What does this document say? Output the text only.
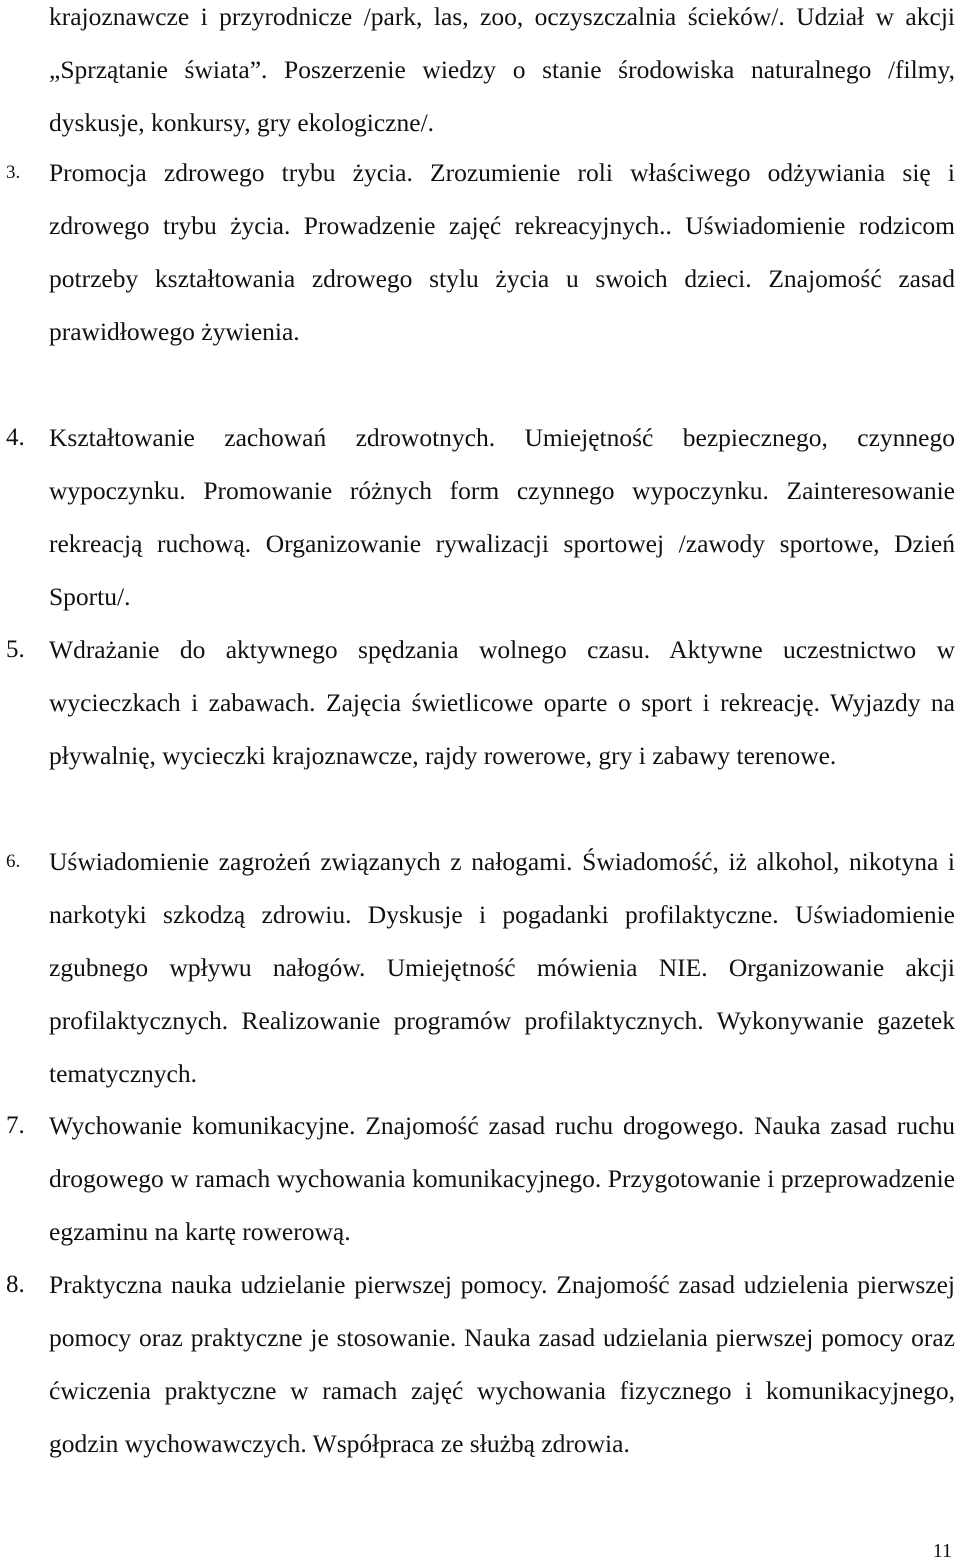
krajoznawcze i przyrodnicze /park, las, zoo, oczyszczalnia ścieków/. Udział w akcji „Sprzątanie świata”. Poszerzenie wiedzy o stanie środowiska naturalnego /filmy, dyskusje, konkursy, gry ekologiczne/.

3. Promocja zdrowego trybu życia. Zrozumienie roli właściwego odżywiania się i zdrowego trybu życia. Prowadzenie zajęć rekreacyjnych.. Uświadomienie rodzicom potrzeby kształtowania zdrowego stylu życia u swoich dzieci. Znajomość zasad prawidłowego żywienia.

4. Kształtowanie zachowań zdrowotnych. Umiejętność bezpiecznego, czynnego wypoczynku. Promowanie różnych form czynnego wypoczynku. Zainteresowanie rekreacją ruchową. Organizowanie rywalizacji sportowej /zawody sportowe, Dzień Sportu/.

5. Wdrażanie do aktywnego spędzania wolnego czasu. Aktywne uczestnictwo w wycieczkach i zabawach. Zajęcia świetlicowe oparte o sport i rekreację. Wyjazdy na pływalnię, wycieczki krajoznawcze, rajdy rowerowe, gry i zabawy terenowe.

6. Uświadomienie zagrożeń związanych z nałogami. Świadomość, iż alkohol, nikotyna i narkotyki szkodzą zdrowiu. Dyskusje i pogadanki profilaktyczne. Uświadomienie zgubnego wpływu nałogów. Umiejętność mówienia NIE. Organizowanie akcji profilaktycznych. Realizowanie programów profilaktycznych. Wykonywanie gazetek tematycznych.

7. Wychowanie komunikacyjne. Znajomość zasad ruchu drogowego. Nauka zasad ruchu drogowego w ramach wychowania komunikacyjnego. Przygotowanie i przeprowadzenie egzaminu na kartę rowerową.

8. Praktyczna nauka udzielanie pierwszej pomocy. Znajomość zasad udzielenia pierwszej pomocy oraz praktyczne je stosowanie. Nauka zasad udzielania pierwszej pomocy oraz ćwiczenia praktyczne w ramach zajęć wychowania fizycznego i komunikacyjnego, godzin wychowawczych. Współpraca ze służbą zdrowia.

11
